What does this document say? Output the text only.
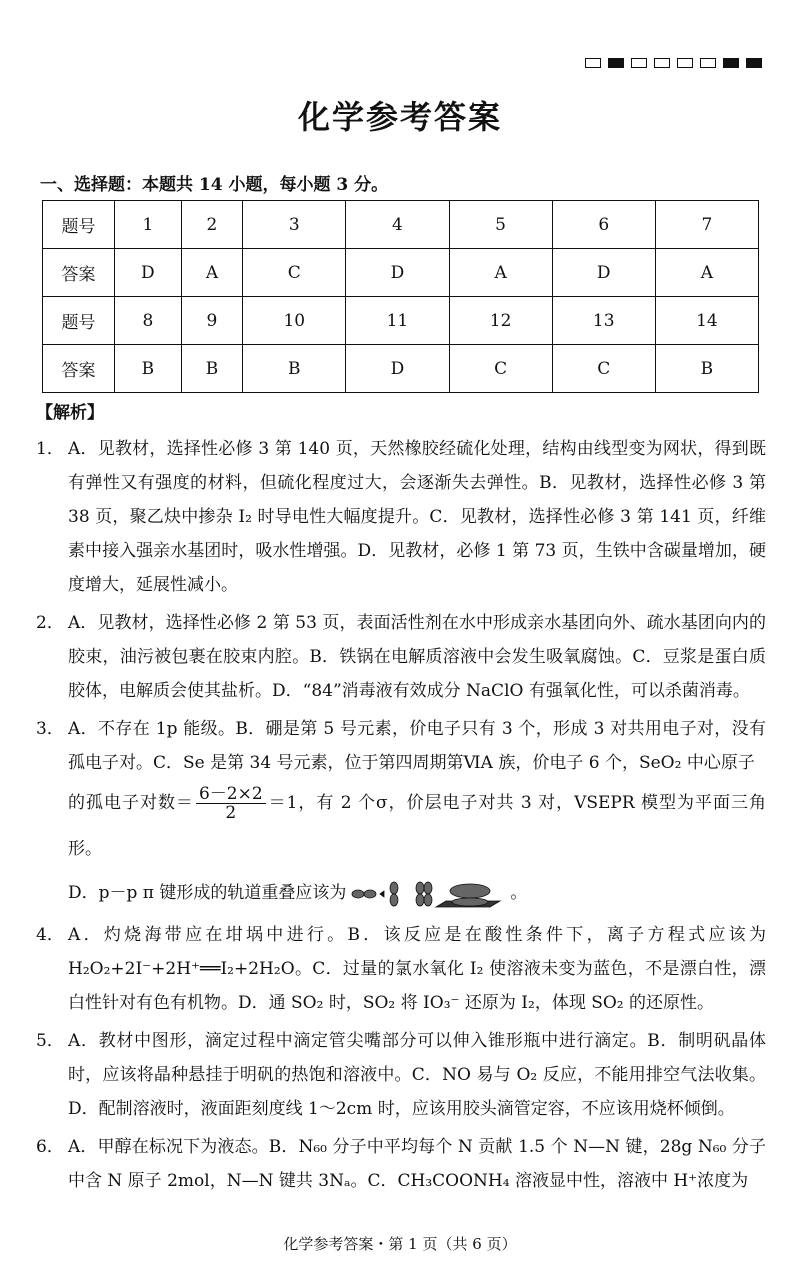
化学参考答案

一、选择题：本题共 14 小题，每小题 3 分。

题号	1	2	3	4	5	6	7
答案	D	A	C	D	A	D	A
题号	8	9	10	11	12	13	14
答案	B	B	B	D	C	C	B

【解析】

1． A．见教材，选择性必修 3 第 140 页，天然橡胶经硫化处理，结构由线型变为网状，得到既有弹性又有强度的材料，但硫化程度过大，会逐渐失去弹性。B．见教材，选择性必修 3 第 38 页，聚乙炔中掺杂 I₂ 时导电性大幅度提升。C．见教材，选择性必修 3 第 141 页，纤维素中接入强亲水基团时，吸水性增强。D．见教材，必修 1 第 73 页，生铁中含碳量增加，硬度增大，延展性减小。

2． A．见教材，选择性必修 2 第 53 页，表面活性剂在水中形成亲水基团向外、疏水基团向内的胶束，油污被包裹在胶束内腔。B．铁锅在电解质溶液中会发生吸氧腐蚀。C．豆浆是蛋白质胶体，电解质会使其盐析。D．“84”消毒液有效成分 NaClO 有强氧化性，可以杀菌消毒。

3． A．不存在 1p 能级。B．硼是第 5 号元素，价电子只有 3 个，形成 3 对共用电子对，没有孤电子对。C．Se 是第 34 号元素，位于第四周期第ⅥA 族，价电子 6 个，SeO₂ 中心原子

的孤电子对数＝ $\frac{6-2\times 2}{2} =1$，有 2 个σ，价层电子对共 3 对，VSEPR 模型为平面三角形。

D．p－p π 键形成的轨道重叠应该为	。

4． A．灼烧海带应在坩埚中进行。B．该反应是在酸性条件下，离子方程式应该为 H₂O₂+2I⁻+2H⁺══I₂+2H₂O。C．过量的氯水氧化 I₂ 使溶液未变为蓝色，不是漂白性，漂白性针对有色有机物。D．通 SO₂ 时，SO₂ 将 IO₃⁻ 还原为 I₂，体现 SO₂ 的还原性。

5． A．教材中图形，滴定过程中滴定管尖嘴部分可以伸入锥形瓶中进行滴定。B．制明矾晶体时，应该将晶种悬挂于明矾的热饱和溶液中。C．NO 易与 O₂ 反应，不能用排空气法收集。D．配制溶液时，液面距刻度线 1～2cm 时，应该用胶头滴管定容，不应该用烧杯倾倒。

6． A．甲醇在标况下为液态。B．N₆₀ 分子中平均每个 N 贡献 1.5 个 N—N 键，28g N₆₀ 分子中含 N 原子 2mol，N—N 键共 3Nₐ。C．CH₃COONH₄ 溶液显中性，溶液中 H⁺浓度为

化学参考答案・第 1 页（共 6 页）
